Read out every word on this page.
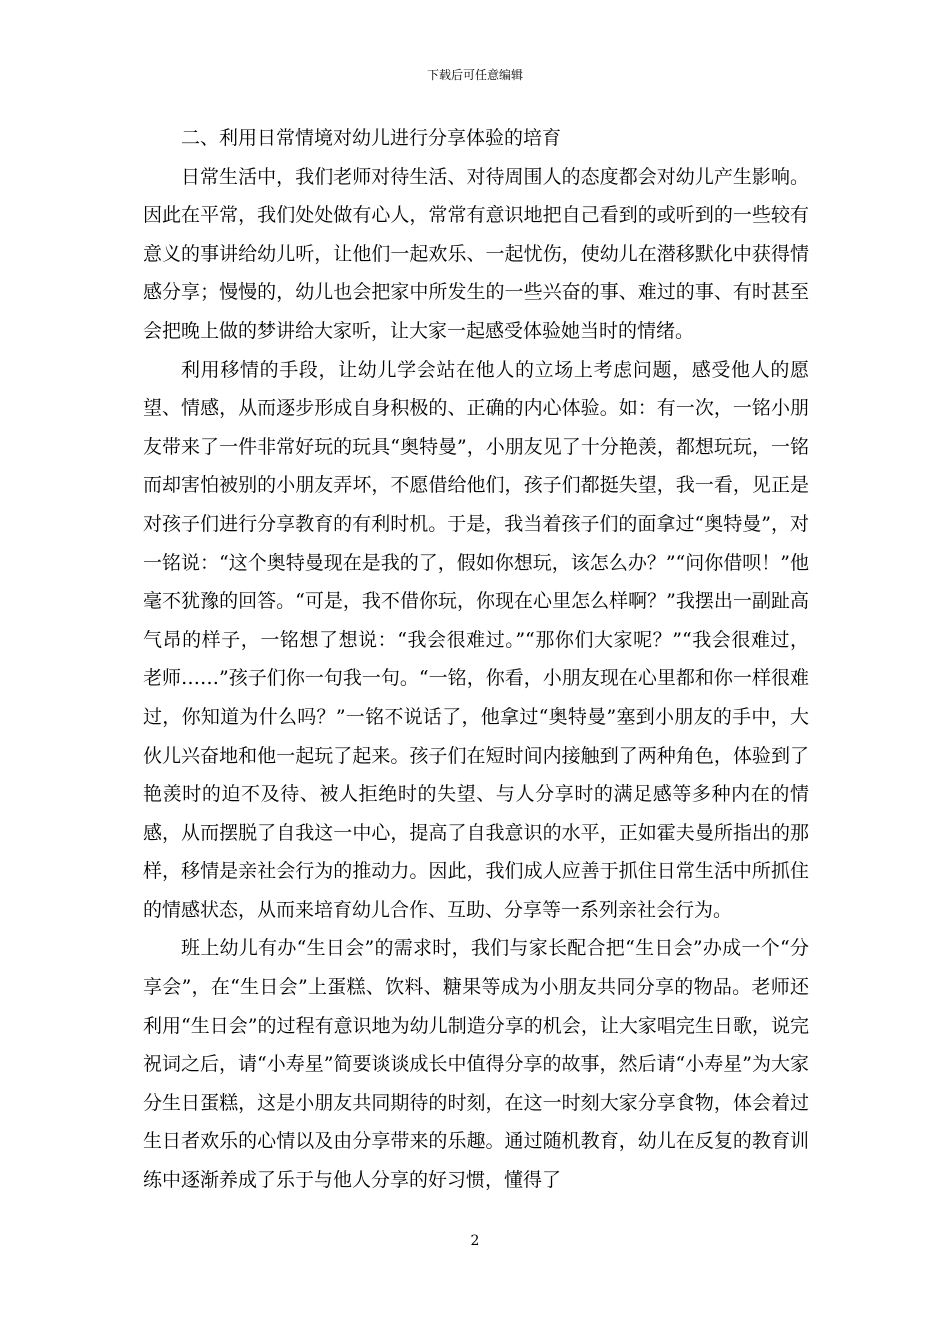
下载后可任意编辑

二、利用日常情境对幼儿进行分享体验的培育

日常生活中，我们老师对待生活、对待周围人的态度都会对幼儿产生影响。因此在平常，我们处处做有心人，常常有意识地把自己看到的或听到的一些较有意义的事讲给幼儿听，让他们一起欢乐、一起忧伤，使幼儿在潜移默化中获得情感分享；慢慢的，幼儿也会把家中所发生的一些兴奋的事、难过的事、有时甚至会把晚上做的梦讲给大家听，让大家一起感受体验她当时的情绪。

利用移情的手段，让幼儿学会站在他人的立场上考虑问题，感受他人的愿望、情感，从而逐步形成自身积极的、正确的内心体验。如：有一次，一铭小朋友带来了一件非常好玩的玩具“奥特曼”，小朋友见了十分艳羡，都想玩玩，一铭而却害怕被别的小朋友弄坏，不愿借给他们，孩子们都挺失望，我一看，见正是对孩子们进行分享教育的有利时机。于是，我当着孩子们的面拿过“奥特曼”，对一铭说：“这个奥特曼现在是我的了，假如你想玩，该怎么办？”“问你借呗！”他毫不犹豫的回答。“可是，我不借你玩，你现在心里怎么样啊？”我摆出一副趾高气昂的样子，一铭想了想说：“我会很难过。”“那你们大家呢？”“我会很难过，老师……”孩子们你一句我一句。“一铭，你看，小朋友现在心里都和你一样很难过，你知道为什么吗？”一铭不说话了，他拿过“奥特曼”塞到小朋友的手中，大伙儿兴奋地和他一起玩了起来。孩子们在短时间内接触到了两种角色，体验到了艳羡时的迫不及待、被人拒绝时的失望、与人分享时的满足感等多种内在的情感，从而摆脱了自我这一中心，提高了自我意识的水平，正如霍夫曼所指出的那样，移情是亲社会行为的推动力。因此，我们成人应善于抓住日常生活中所抓住的情感状态，从而来培育幼儿合作、互助、分享等一系列亲社会行为。

班上幼儿有办“生日会”的需求时，我们与家长配合把“生日会”办成一个“分享会”，在“生日会”上蛋糕、饮料、糖果等成为小朋友共同分享的物品。老师还利用“生日会”的过程有意识地为幼儿制造分享的机会，让大家唱完生日歌，说完祝词之后，请“小寿星”简要谈谈成长中值得分享的故事，然后请“小寿星”为大家分生日蛋糕，这是小朋友共同期待的时刻，在这一时刻大家分享食物，体会着过生日者欢乐的心情以及由分享带来的乐趣。通过随机教育，幼儿在反复的教育训练中逐渐养成了乐于与他人分享的好习惯，懂得了

2
